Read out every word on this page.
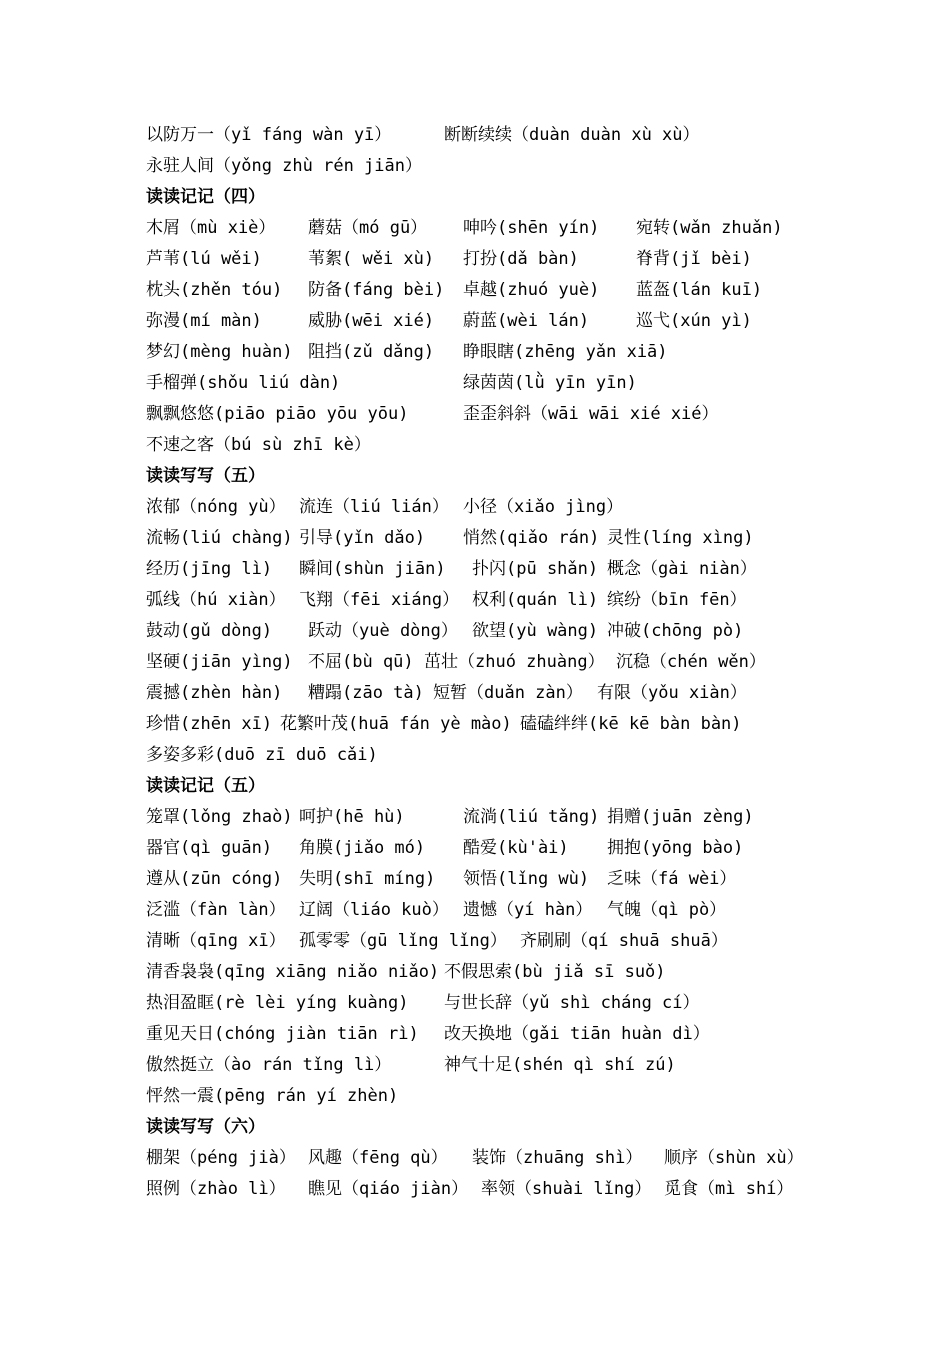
以防万一（yǐ fáng wàn yī）	断断续续（duàn duàn xù xù）
永驻人间（yǒng zhù rén jiān）
读读记记（四）
木屑（mù xiè） 蘑菇（mó gū） 呻吟(shēn yín) 宛转(wǎn zhuǎn)
芦苇(lú wěi)	苇絮( wěi xù) 打扮(dǎ bàn)	脊背(jǐ bèi)
枕头(zhěn tóu) 防备(fáng bèi) 卓越(zhuó yuè) 蓝盔(lán kuī)
弥漫(mí màn)	威胁(wēi xié) 蔚蓝(wèi lán)	巡弋(xún yì)
梦幻(mèng huàn) 阻挡(zǔ dǎng) 睁眼瞎(zhēng yǎn xiā)
手榴弹(shǒu liú dàn)	绿茵茵(lǜ yīn yīn)
飘飘悠悠(piāo piāo yōu yōu)	歪歪斜斜（wāi wāi xié xié）
不速之客（bú sù zhī kè）
读读写写（五）
浓郁（nóng yù） 流连（liú lián） 小径（xiǎo jìng）
流畅(liú chàng) 引导(yǐn dǎo) 悄然(qiǎo rán) 灵性(líng xìng)
经历(jīng lì) 瞬间(shùn jiān) 扑闪(pū shǎn) 概念（gài niàn）
弧线（hú xiàn） 飞翔（fēi xiáng） 权利(quán lì) 缤纷（bīn fēn）
鼓动(gǔ dòng) 跃动（yuè dòng） 欲望(yù wàng) 冲破(chōng pò)
坚硬(jiān yìng) 不屈(bù qū) 茁壮（zhuó zhuàng） 沉稳（chén wěn）
震撼(zhèn hàn) 糟蹋(zāo tà) 短暂（duǎn zàn） 有限（yǒu xiàn）
珍惜(zhēn xī) 花繁叶茂(huā fán yè mào) 磕磕绊绊(kē kē bàn bàn)
多姿多彩(duō zī duō cǎi)
读读记记（五）
笼罩(lǒng zhaò) 呵护(hē hù)	流淌(liú tǎng) 捐赠(juān zèng)
器官(qì guān) 角膜(jiǎo mó) 酷爱(kù'ài) 拥抱(yōng bào)
遵从(zūn cóng) 失明(shī míng) 领悟(lǐng wù) 乏味（fá wèi）
泛滥（fàn làn） 辽阔（liáo kuò） 遗憾（yí hàn） 气魄（qì pò）
清晰（qīng xī） 孤零零（gū lǐng lǐng） 齐刷刷（qí shuā shuā）
清香袅袅(qīng xiāng niǎo niǎo) 不假思索(bù jiǎ sī suǒ)
热泪盈眶(rè lèi yíng kuàng) 与世长辞（yǔ shì cháng cí）
重见天日(chóng jiàn tiān rì) 改天换地（gǎi tiān huàn dì）
傲然挺立（ào rán tǐng lì）	神气十足(shén qì shí zú)
怦然一震(pēng rán yí zhèn)
读读写写（六）
棚架（péng jià） 风趣（fēng qù） 装饰（zhuāng shì） 顺序（shùn xù）
照例（zhào lì） 瞧见（qiáo jiàn） 率领（shuài lǐng） 觅食（mì shí）
